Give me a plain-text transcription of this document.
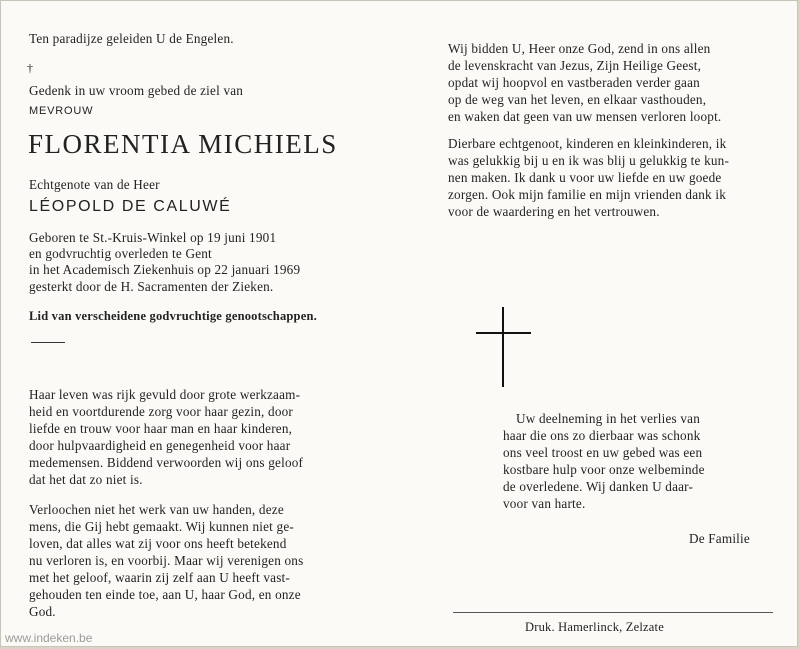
Ten paradijze geleiden U de Engelen.
†
Gedenk in uw vroom gebed de ziel van
MEVROUW
FLORENTIA MICHIELS
Echtgenote van de Heer
LÉOPOLD DE CALUWÉ
Geboren te St.-Kruis-Winkel op 19 juni 1901
en godvruchtig overleden te Gent
in het Academisch Ziekenhuis op 22 januari 1969
gesterkt door de H. Sacramenten der Zieken.
Lid van verscheidene godvruchtige genootschappen.
Haar leven was rijk gevuld door grote werkzaam-
heid en voortdurende zorg voor haar gezin, door
liefde en trouw voor haar man en haar kinderen,
door hulpvaardigheid en genegenheid voor haar
medemensen. Biddend verwoorden wij ons geloof
dat het dat zo niet is.
Verloochen niet het werk van uw handen, deze
mens, die Gij hebt gemaakt. Wij kunnen niet ge-
loven, dat alles wat zij voor ons heeft betekend
nu verloren is, en voorbij. Maar wij verenigen ons
met het geloof, waarin zij zelf aan U heeft vast-
gehouden ten einde toe, aan U, haar God, en onze
God.
Wij bidden U, Heer onze God, zend in ons allen
de levenskracht van Jezus, Zijn Heilige Geest,
opdat wij hoopvol en vastberaden verder gaan
op de weg van het leven, en elkaar vasthouden,
en waken dat geen van uw mensen verloren loopt.
Dierbare echtgenoot, kinderen en kleinkinderen, ik
was gelukkig bij u en ik was blij u gelukkig te kun-
nen maken. Ik dank u voor uw liefde en uw goede
zorgen. Ook mijn familie en mijn vrienden dank ik
voor de waardering en het vertrouwen.
Uw deelneming in het verlies van
haar die ons zo dierbaar was schonk
ons veel troost en uw gebed was een
kostbare hulp voor onze welbeminde
de overledene. Wij danken U daar-
voor van harte.
De Familie
Druk. Hamerlinck, Zelzate
www.indeken.be
